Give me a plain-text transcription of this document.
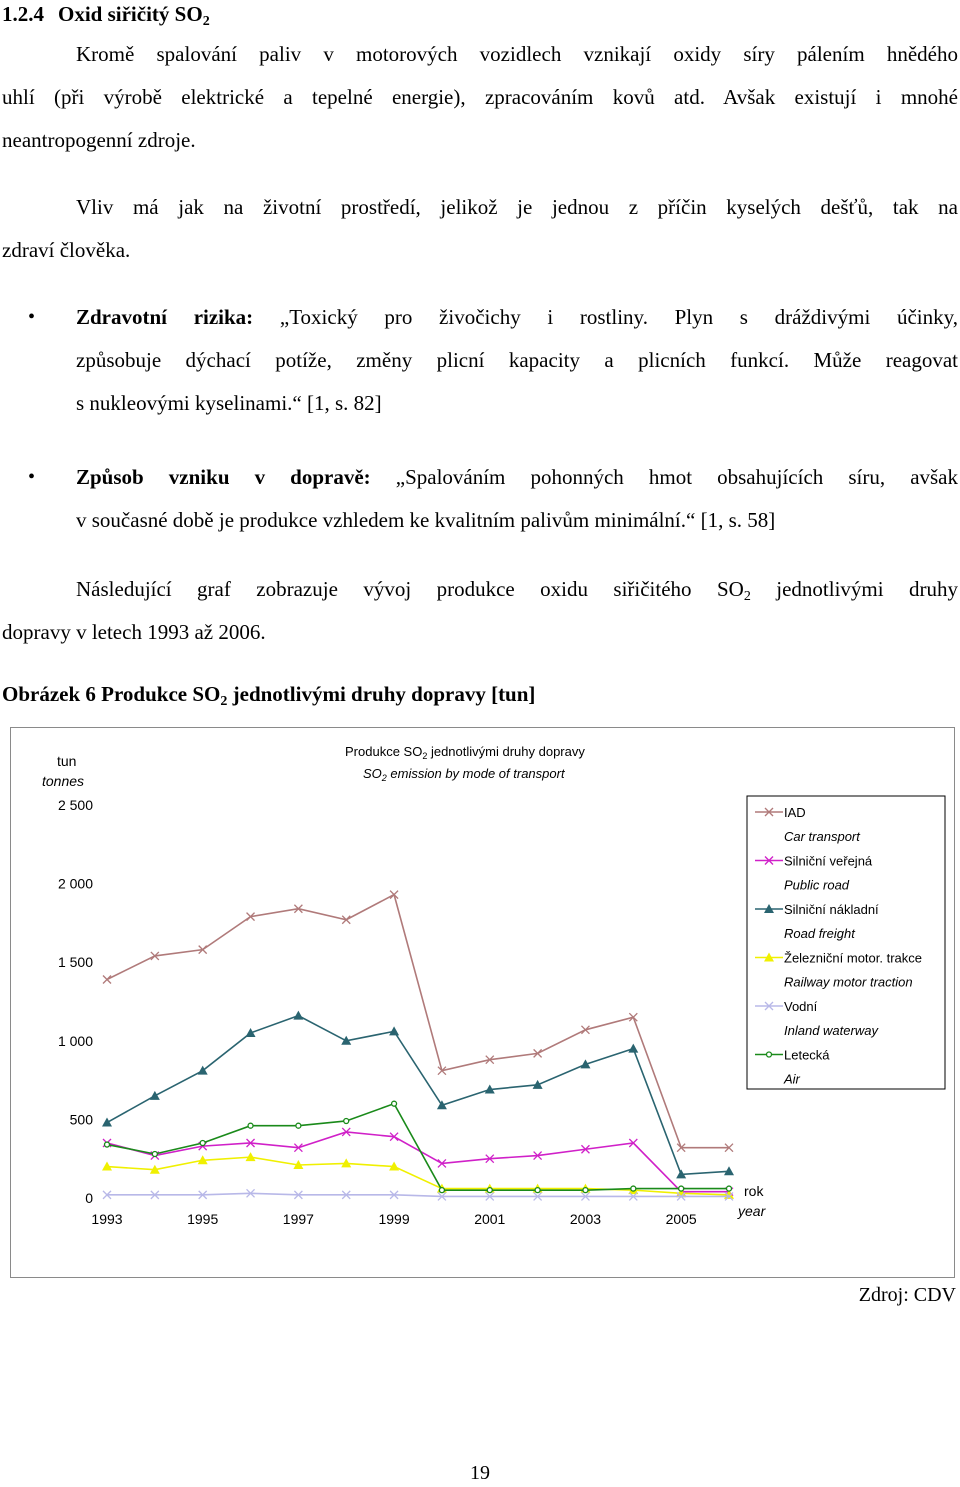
1.2.4 Oxid siřičitý $SO_2$
Kromě spalování paliv v motorových vozidlech vznikají oxidy síry pálením hnědého
uhlí (při výrobě elektrické a tepelné energie), zpracováním kovů atd. Avšak existují i mnohé
neantropogenní zdroje.
Vliv má jak na životní prostředí, jelikož je jednou z příčin kyselých dešťů, tak na
zdraví člověka.
• Zdravotní rizika: „Toxický pro živočichy i rostliny. Plyn s dráždivými účinky,
způsobuje dýchací potíže, změny plicní kapacity a plicních funkcí. Může reagovat
s nukleovými kyselinami.“ [1, s. 82]
• Způsob vzniku v dopravě: „Spalováním pohonných hmot obsahujících síru, avšak
v současné době je produkce vzhledem ke kvalitním palivům minimální.“ [1, s. 58]
Následující graf zobrazuje vývoj produkce oxidu siřičitého $SO_2$ jednotlivými druhy
dopravy v letech 1993 až 2006.
Obrázek 6 Produkce $SO_2$ jednotlivými druhy dopravy [tun]
0
500
1 000
1 500
2 000
2 500
1993	1995	1997	1999	2001	2003	2005
IAD
Car transport
Silniční veřejná
Public road
Silniční nákladní
Road freight
Železniční motor. trakce
Railway motor traction
Vodní
Inland waterway
Letecká
Air
Produkce $SO_2$ jednotlivými druhy dopravy
$SO_2$ emission by mode of transport
tun
tonnes
rok
year
Zdroj: CDV
19
